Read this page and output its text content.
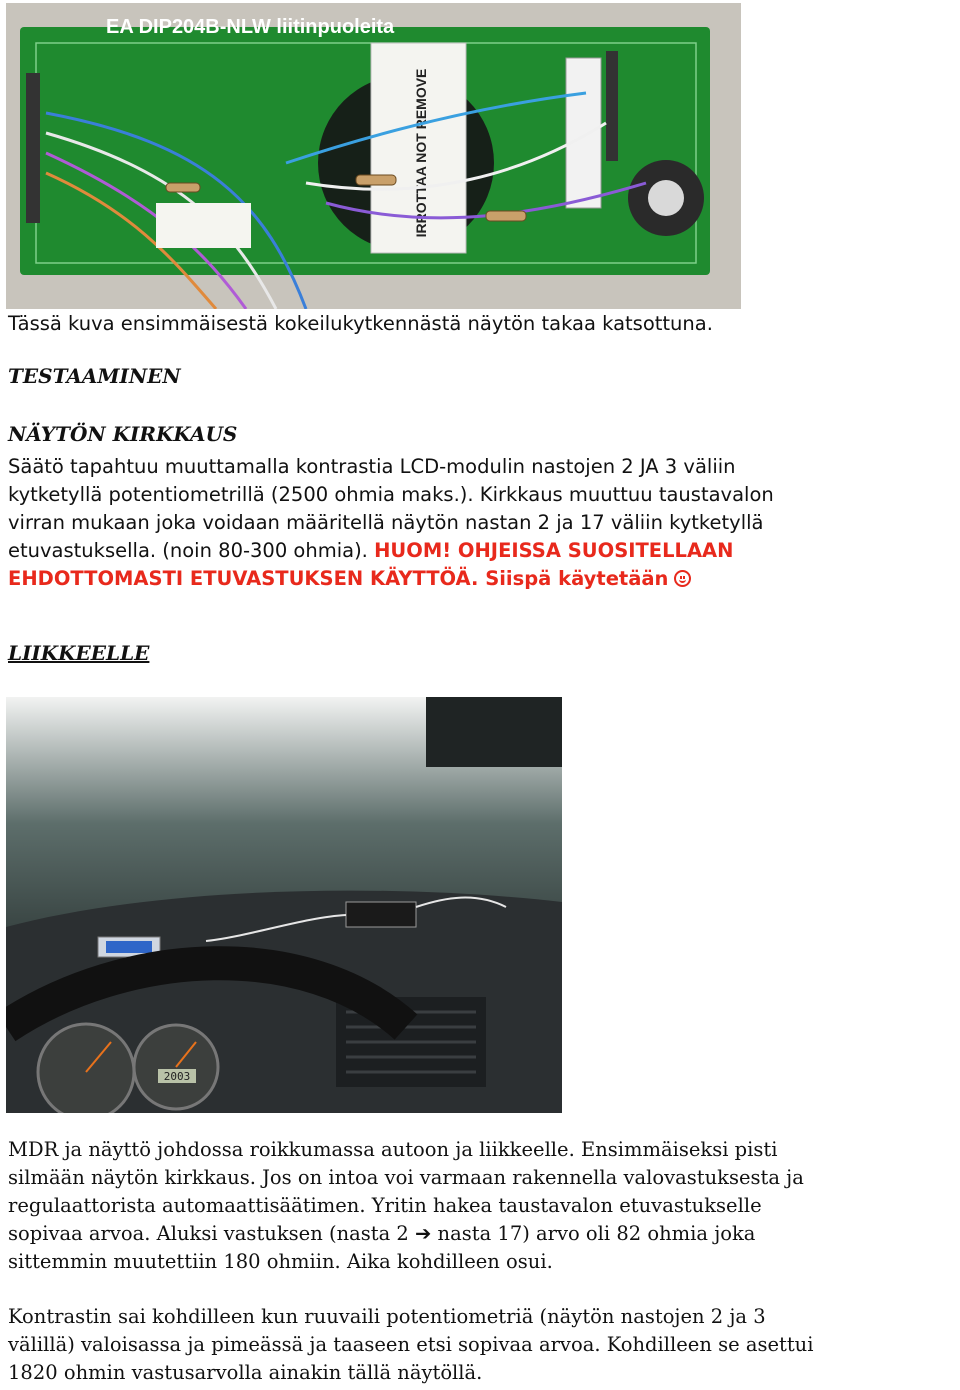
IRROTTAA NOT REMOVE
EA DIP204B-NLW liitinpuoleita
Tässä kuva ensimmäisestä kokeilukytkennästä näytön takaa katsottuna.
TESTAAMINEN
NÄYTÖN KIRKKAUS
Säätö tapahtuu muuttamalla kontrastia LCD-modulin nastojen 2 JA 3 väliin
kytketyllä potentiometrillä (2500 ohmia maks.). Kirkkaus muuttuu taustavalon
virran mukaan joka voidaan määritellä näytön nastan 2 ja 17 väliin kytketyllä
etuvastuksella. (noin 80-300 ohmia). HUOM! OHJEISSA SUOSITELLAAN
EHDOTTOMASTI ETUVASTUKSEN KÄYTTÖÄ. Siispä käytetään
LIIKKEELLE
2003
MDR ja näyttö johdossa roikkumassa autoon ja liikkeelle. Ensimmäiseksi pisti
silmään näytön kirkkaus. Jos on intoa voi varmaan rakennella valovastuksesta ja
regulaattorista automaattisäätimen. Yritin hakea taustavalon etuvastukselle
sopivaa arvoa. Aluksi vastuksen (nasta 2 ➔ nasta 17) arvo oli 82 ohmia joka
sittemmin muutettiin 180 ohmiin. Aika kohdilleen osui.
Kontrastin sai kohdilleen kun ruuvaili potentiometriä (näytön nastojen 2 ja 3
välillä) valoisassa ja pimeässä ja taaseen etsi sopivaa arvoa. Kohdilleen se asettui
1820 ohmin vastusarvolla ainakin tällä näytöllä.
